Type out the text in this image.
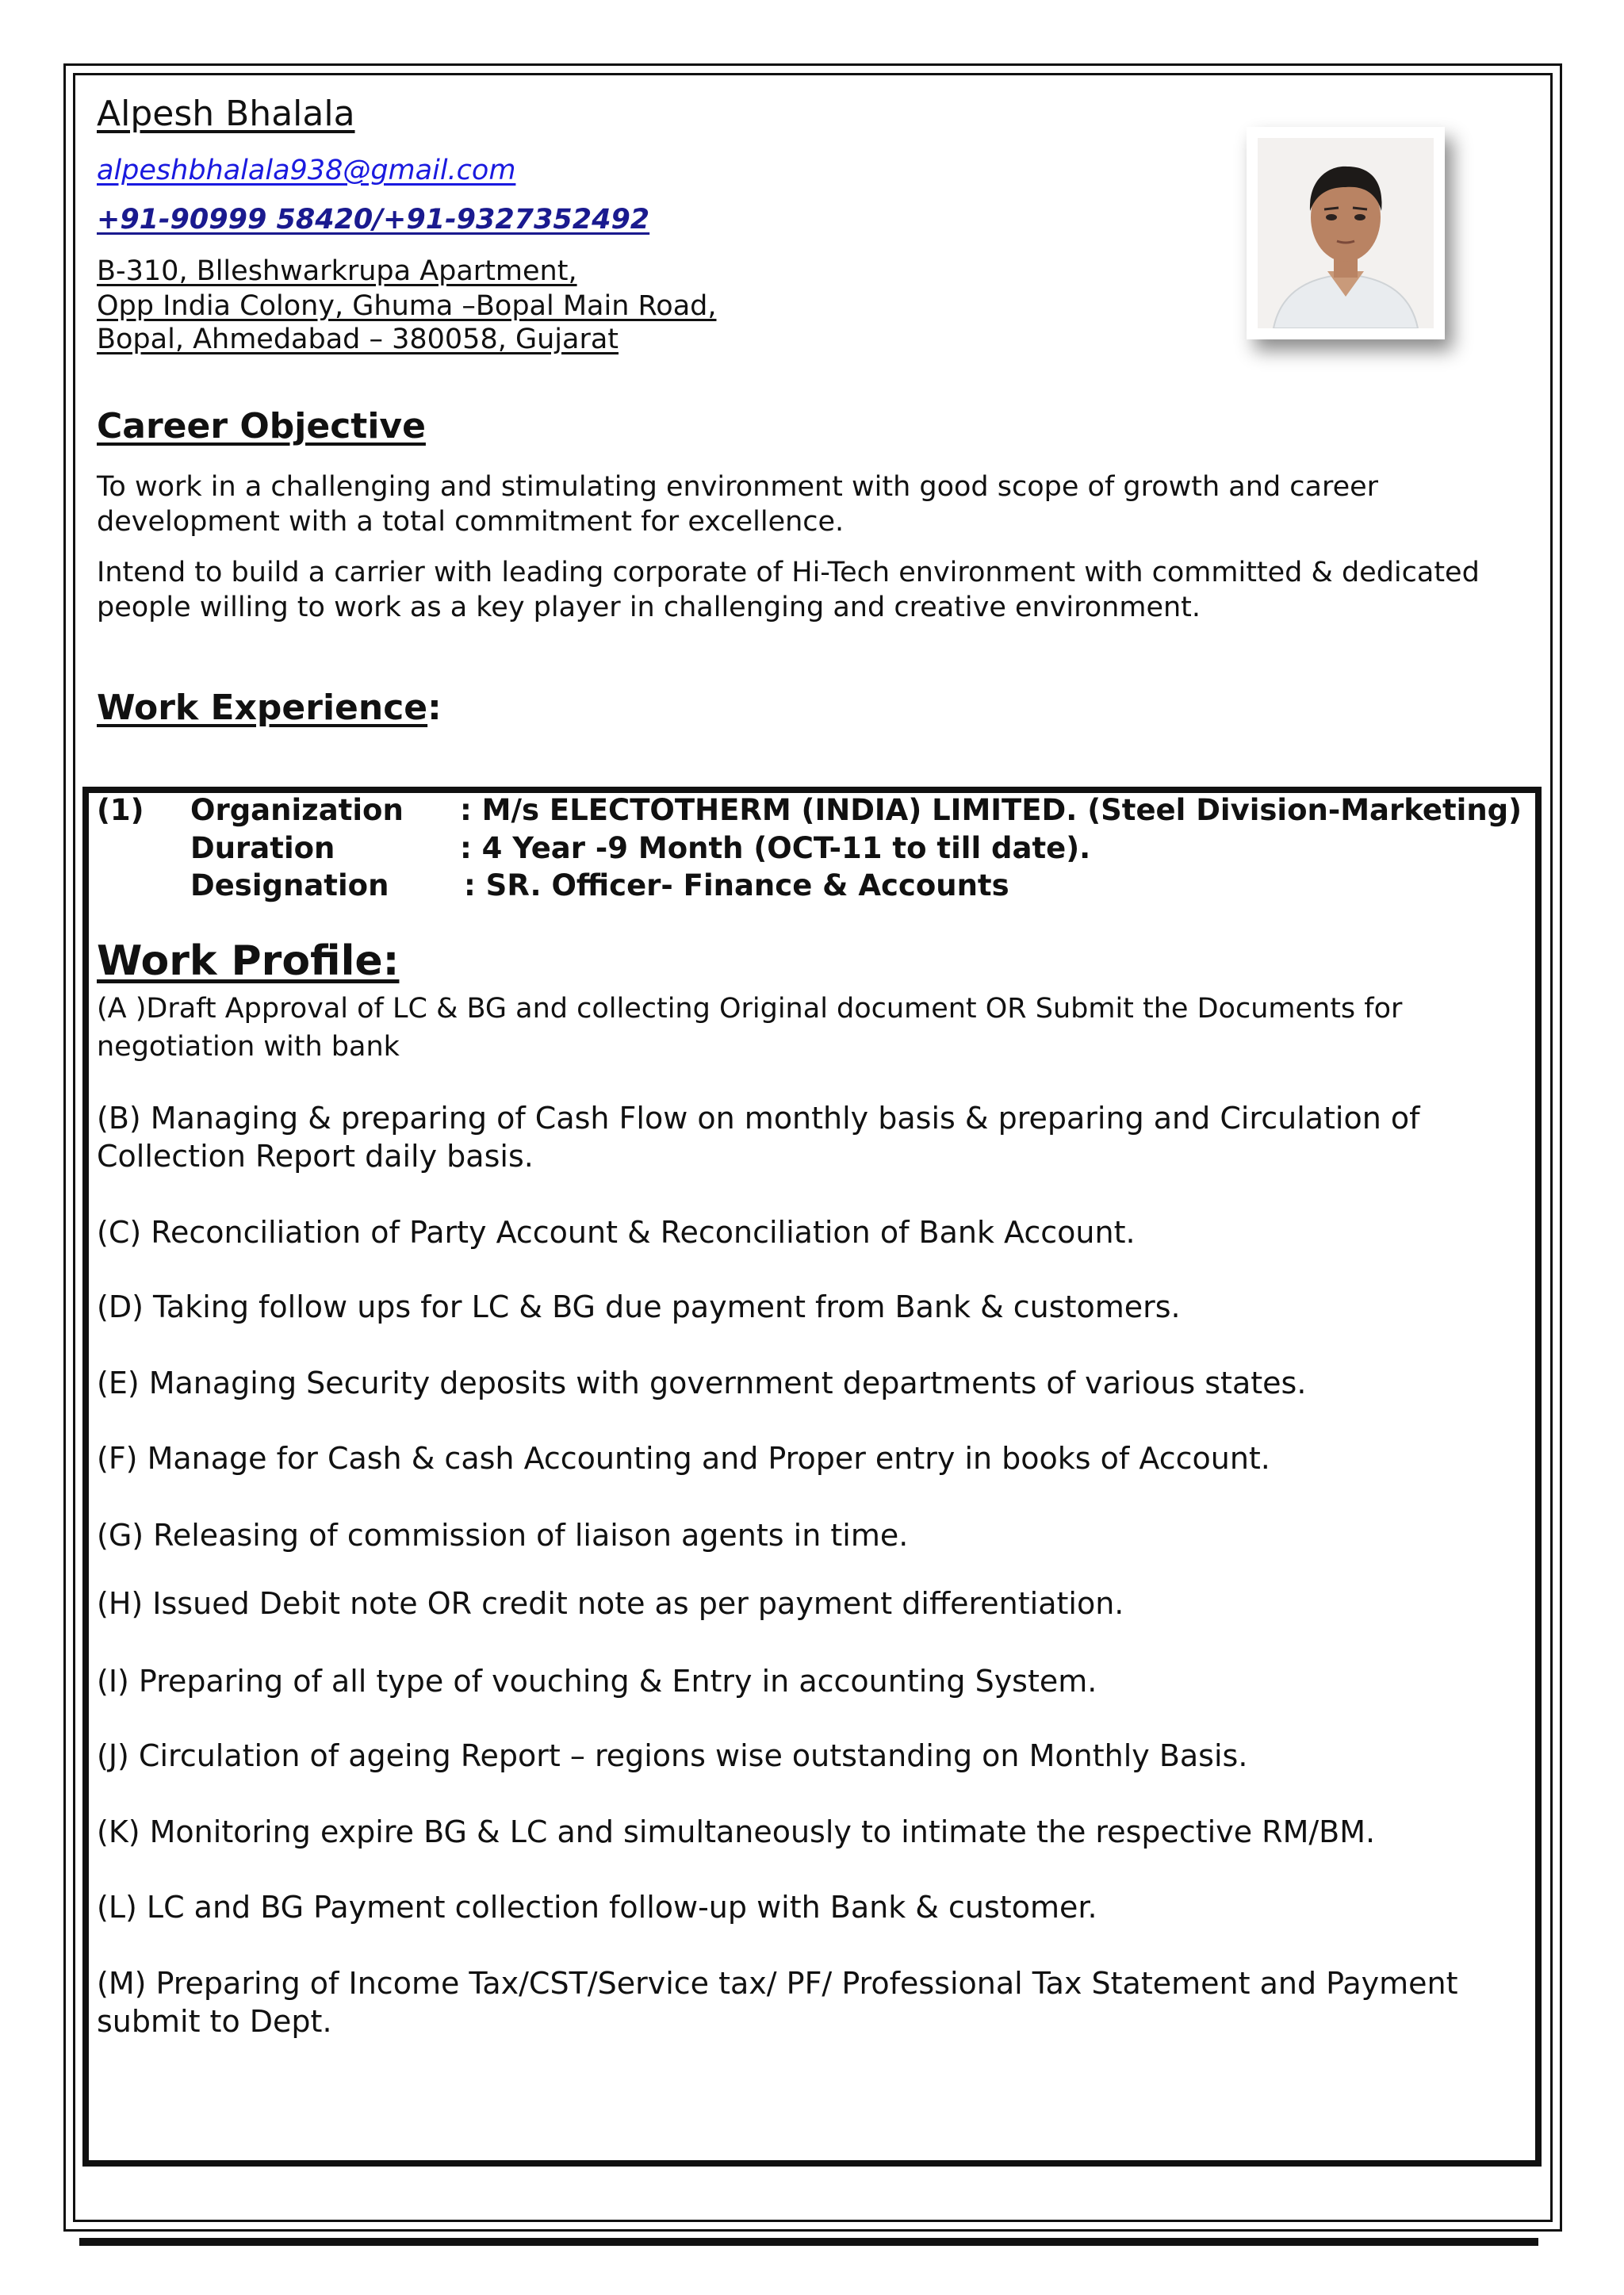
Alpesh Bhalala
alpeshbhalala938@gmail.com
+91-90999 58420/+91-9327352492
B-310, Blleshwarkrupa Apartment,
Opp India Colony, Ghuma –Bopal Main Road,
Bopal, Ahmedabad – 380058, Gujarat
Career Objective
To work in a challenging and stimulating environment with good scope of growth and career development with a total commitment for excellence.
Intend to build a carrier with leading corporate of Hi-Tech environment with committed & dedicated people willing to work as a key player in challenging and creative environment.
Work Experience:
(1) Organization : M/s ELECTOTHERM (INDIA) LIMITED. (Steel Division-Marketing)
Duration	: 4 Year -9 Month (OCT-11 to till date).
Designation	: SR. Officer- Finance & Accounts
Work Profile:
(A )Draft Approval of LC & BG and collecting Original document OR Submit the Documents for negotiation with bank
(B) Managing & preparing of Cash Flow on monthly basis & preparing and Circulation of Collection Report daily basis.
(C) Reconciliation of Party Account & Reconciliation of Bank Account.
(D) Taking follow ups for LC & BG due payment from Bank & customers.
(E) Managing Security deposits with government departments of various states.
(F) Manage for Cash & cash Accounting and Proper entry in books of Account.
(G) Releasing of commission of liaison agents in time.
(H) Issued Debit note OR credit note as per payment differentiation.
(I) Preparing of all type of vouching & Entry in accounting System.
(J) Circulation of ageing Report – regions wise outstanding on Monthly Basis.
(K) Monitoring expire BG & LC and simultaneously to intimate the respective RM/BM.
(L) LC and BG Payment collection follow-up with Bank & customer.
(M) Preparing of Income Tax/CST/Service tax/ PF/ Professional Tax Statement and Payment submit to Dept.
